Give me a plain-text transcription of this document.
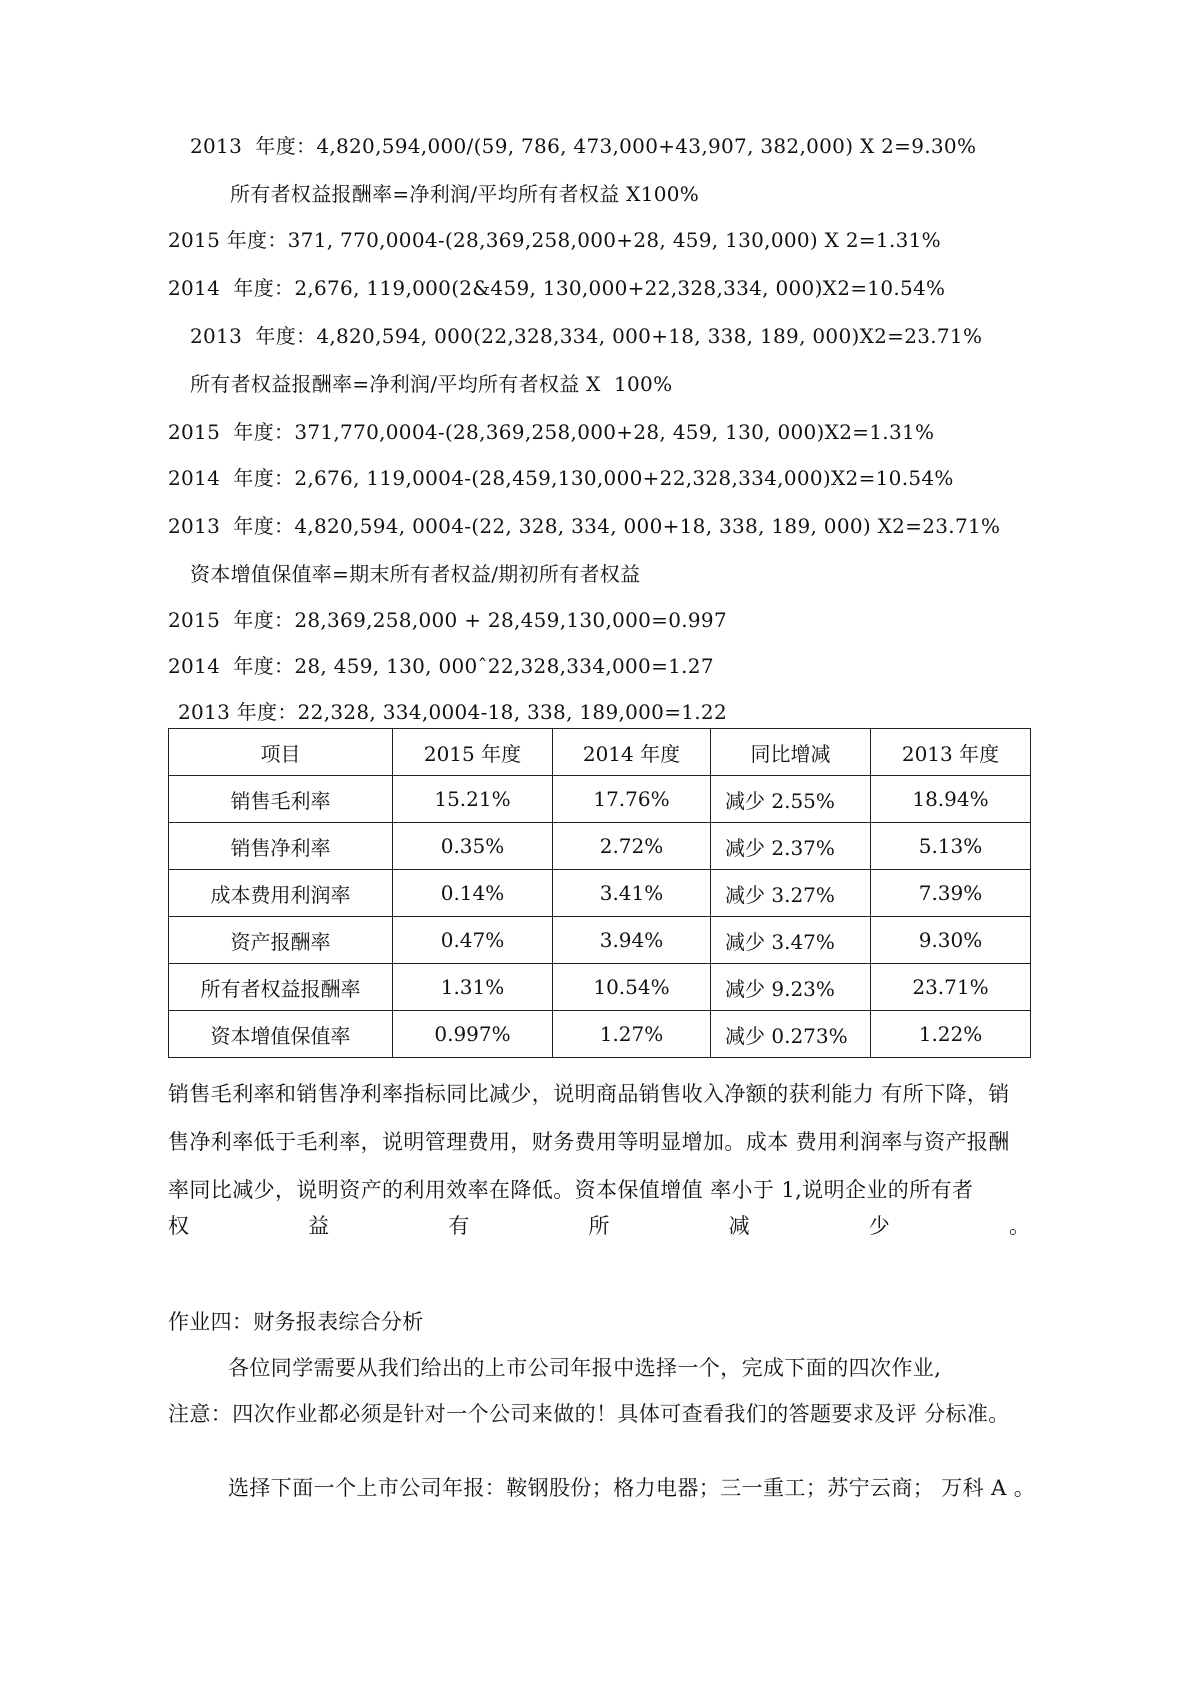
2013  年度：4,820,594,000/(59, 786, 473,000+43,907, 382,000) X 2=9.30%
所有者权益报酬率=净利润/平均所有者权益 X100%
2015 年度：371, 770,0004-(28,369,258,000+28, 459, 130,000) X 2=1.31%
2014  年度：2,676, 119,000(2&459, 130,000+22,328,334, 000)X2=10.54%
2013  年度：4,820,594, 000(22,328,334, 000+18, 338, 189, 000)X2=23.71%
所有者权益报酬率=净利润/平均所有者权益 X  100%
2015  年度：371,770,0004-(28,369,258,000+28, 459, 130, 000)X2=1.31%
2014  年度：2,676, 119,0004-(28,459,130,000+22,328,334,000)X2=10.54%
2013  年度：4,820,594, 0004-(22, 328, 334, 000+18, 338, 189, 000) X2=23.71%
资本增值保值率=期末所有者权益/期初所有者权益
2015  年度：28,369,258,000 + 28,459,130,000=0.997
2014  年度：28, 459, 130, 000ˆ22,328,334,000=1.27
2013 年度：22,328, 334,0004-18, 338, 189,000=1.22
项目	2015 年度	2014 年度	同比增减	2013 年度
销售毛利率	15.21%	17.76%	减少 2.55%	18.94%
销售净利率	0.35%	2.72%	减少 2.37%	5.13%
成本费用利润率	0.14%	3.41%	减少 3.27%	7.39%
资产报酬率	0.47%	3.94%	减少 3.47%	9.30%
所有者权益报酬率	1.31%	10.54%	减少 9.23%	23.71%
资本增值保值率	0.997%	1.27%	减少 0.273%	1.22%
销售毛利率和销售净利率指标同比减少，说明商品销售收入净额的获利能力 有所下降，销售净利率低于毛利率，说明管理费用，财务费用等明显增加。成本 费用利润率与资产报酬率同比减少，说明资产的利用效率在降低。资本保值增值 率小于 1,说明企业的所有者
权	益	有	所	减	少	。
作业四：财务报表综合分析
各位同学需要从我们给出的上市公司年报中选择一个，完成下面的四次作业,
注意：四次作业都必须是针对一个公司来做的！具体可查看我们的答题要求及评 分标准。
选择下面一个上市公司年报：鞍钢股份；格力电器；三一重工；苏宁云商； 万科 A 。
